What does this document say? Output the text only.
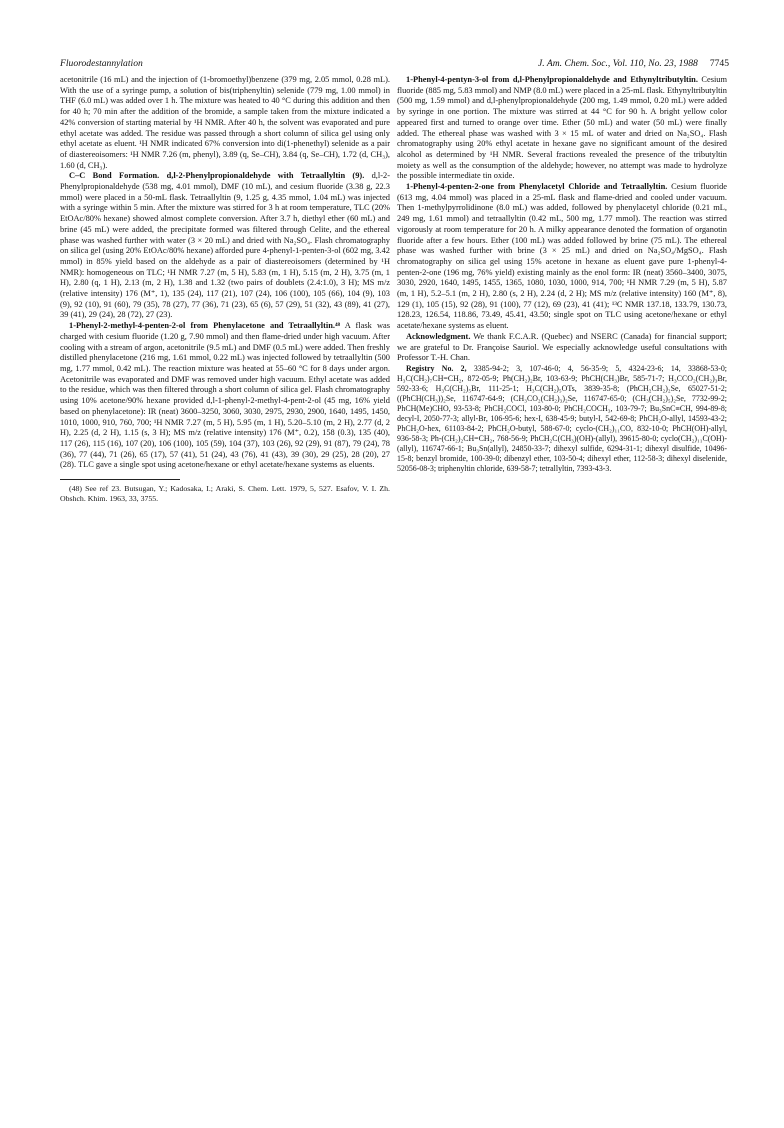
Fluorodestannylation	J. Am. Chem. Soc., Vol. 110, No. 23, 1988 7745

acetonitrile (16 mL) and the injection of (1-bromoethyl)benzene (379 mg, 2.05 mmol, 0.28 mL). With the use of a syringe pump, a solution of bis(triphenyltin) selenide (779 mg, 1.00 mmol) in THF (6.0 mL) was added over 1 h. The mixture was heated to 40 °C during this addition and then for 40 h; 70 min after the addition of the bromide, a sample taken from the mixture indicated a 42% conversion of starting material by ¹H NMR. After 40 h, the solvent was evaporated and pure ethyl acetate was added. The residue was passed through a short column of silica gel using only ethyl acetate as eluent. ¹H NMR indicated 67% conversion into di(1-phenethyl) selenide as a pair of diastereoisomers: ¹H NMR 7.26 (m, phenyl), 3.89 (q, Se–CH), 3.84 (q, Se–CH), 1.72 (d, CH₃), 1.60 (d, CH₃).

C–C Bond Formation. d,l-2-Phenylpropionaldehyde with Tetraallyltin (9). d,l-2-Phenylpropionaldehyde (538 mg, 4.01 mmol), DMF (10 mL), and cesium fluoride (3.38 g, 22.3 mmol) were placed in a 50-mL flask. Tetraallyltin (9, 1.25 g, 4.35 mmol, 1.04 mL) was injected with a syringe within 5 min. After the mixture was stirred for 3 h at room temperature, TLC (20% EtOAc/80% hexane) showed almost complete conversion. After 3.7 h, diethyl ether (60 mL) and brine (45 mL) were added, the precipitate formed was filtered through Celite, and the ethereal phase was washed further with water (3 × 20 mL) and dried with Na₂SO₄. Flash chromatography on silica gel (using 20% EtOAc/80% hexane) afforded pure 4-phenyl-1-penten-3-ol (602 mg, 3.42 mmol) in 85% yield based on the aldehyde as a pair of diastereoisomers (determined by ¹H NMR): homogeneous on TLC; ¹H NMR 7.27 (m, 5 H), 5.83 (m, 1 H), 5.15 (m, 2 H), 3.75 (m, 1 H), 2.80 (q, 1 H), 2.13 (m, 2 H), 1.38 and 1.32 (two pairs of doublets (2.4:1.0), 3 H); MS m/z (relative intensity) 176 (M⁺, 1), 135 (24), 117 (21), 107 (24), 106 (100), 105 (66), 104 (9), 103 (9), 92 (10), 91 (60), 79 (35), 78 (27), 77 (36), 71 (23), 65 (6), 57 (29), 51 (32), 43 (89), 41 (27), 39 (41), 29 (24), 28 (72), 27 (23).

1-Phenyl-2-methyl-4-penten-2-ol from Phenylacetone and Tetraallyltin.⁴⁸ A flask was charged with cesium fluoride (1.20 g, 7.90 mmol) and then flame-dried under high vacuum. After cooling with a stream of argon, acetonitrile (9.5 mL) and DMF (0.5 mL) were added. Then freshly distilled phenylacetone (216 mg, 1.61 mmol, 0.22 mL) was injected followed by tetraallyltin (500 mg, 1.77 mmol, 0.42 mL). The reaction mixture was heated at 55–60 °C for 8 days under argon. Acetonitrile was evaporated and DMF was removed under high vacuum. Ethyl acetate was added to the residue, which was then filtered through a short column of silica gel. Flash chromatography using 10% acetone/90% hexane provided d,l-1-phenyl-2-methyl-4-pent-2-ol (45 mg, 16% yield based on phenylacetone): IR (neat) 3600–3250, 3060, 3030, 2975, 2930, 2900, 1640, 1495, 1450, 1010, 1000, 910, 760, 700; ¹H NMR 7.27 (m, 5 H), 5.95 (m, 1 H), 5.20–5.10 (m, 2 H), 2.77 (d, 2 H), 2.25 (d, 2 H), 1.15 (s, 3 H); MS m/z (relative intensity) 176 (M⁺, 0.2), 158 (0.3), 135 (40), 117 (26), 115 (16), 107 (20), 106 (100), 105 (59), 104 (37), 103 (26), 92 (29), 91 (87), 79 (24), 78 (36), 77 (44), 71 (26), 65 (17), 57 (41), 51 (24), 43 (76), 41 (43), 39 (30), 29 (25), 28 (20), 27 (28). TLC gave a single spot using acetone/hexane or ethyl acetate/hexane systems as eluents.

(48) See ref 23. Butsugan, Y.; Kadosaka, I.; Araki, S. Chem. Lett. 1979, 5, 527. Esafov, V. I. Zh. Obshch. Khim. 1963, 33, 3755.

1-Phenyl-4-pentyn-3-ol from d,l-Phenylpropionaldehyde and Ethynyltributyltin. Cesium fluoride (885 mg, 5.83 mmol) and NMP (8.0 mL) were placed in a 25-mL flask. Ethynyltributyltin (500 mg, 1.59 mmol) and d,l-phenylpropionaldehyde (200 mg, 1.49 mmol, 0.20 mL) were added by syringe in one portion. The mixture was stirred at 44 °C for 90 h. A bright yellow color appeared first and turned to orange over time. Ether (50 mL) and water (50 mL) were finally added. The ethereal phase was washed with 3 × 15 mL of water and dried on Na₂SO₄. Flash chromatography using 20% ethyl acetate in hexane gave no significant amount of the desired alcohol as determined by ¹H NMR. Several fractions revealed the presence of the tributyltin moiety as well as the consumption of the aldehyde; however, no attempt was made to hydrolyze the possible intermediate tin oxide.

1-Phenyl-4-penten-2-one from Phenylacetyl Chloride and Tetraallyltin. Cesium fluoride (613 mg, 4.04 mmol) was placed in a 25-mL flask and flame-dried and cooled under vacuum. Then 1-methylpyrrolidinone (8.0 mL) was added, followed by phenylacetyl chloride (0.21 mL, 249 mg, 1.61 mmol) and tetraallyltin (0.42 mL, 500 mg, 1.77 mmol). The reaction was stirred vigorously at room temperature for 20 h. A milky appearance denoted the formation of organotin fluoride after a few hours. Ether (100 mL) was added followed by brine (75 mL). The ethereal phase was washed further with brine (3 × 25 mL) and dried on Na₂SO₄/MgSO₄. Flash chromatography on silica gel using 15% acetone in hexane as eluent gave pure 1-phenyl-4-penten-2-one (196 mg, 76% yield) existing mainly as the enol form: IR (neat) 3560–3400, 3075, 3030, 2920, 1640, 1495, 1455, 1365, 1080, 1030, 1000, 914, 700; ¹H NMR 7.29 (m, 5 H), 5.87 (m, 1 H), 5.2–5.1 (m, 2 H), 2.80 (s, 2 H), 2.24 (d, 2 H); MS m/z (relative intensity) 160 (M⁺, 8), 129 (1), 105 (15), 92 (28), 91 (100), 77 (12), 69 (23), 41 (41); ¹³C NMR 137.18, 133.79, 130.73, 128.23, 126.54, 118.86, 73.49, 45.41, 43.50; single spot on TLC using acetone/hexane or ethyl acetate/hexane systems as eluent.

Acknowledgment. We thank F.C.A.R. (Quebec) and NSERC (Canada) for financial support; we are grateful to Dr. Françoise Sauriol. We especially acknowledge useful consultations with Professor T.-H. Chan.

Registry No. 2, 3385-94-2; 3, 107-46-0; 4, 56-35-9; 5, 4324-23-6; 14, 33868-53-0; H₃C(CH₂)₇CH=CH₂, 872-05-9; Ph(CH₂)₂Br, 103-63-9; PhCH(CH₃)Br, 585-71-7; H₃CCO₂(CH₂)₃Br, 592-33-6; H₃C(CH₂)₅Br, 111-25-1; H₃C(CH₂)₅OTs, 3839-35-8; (PhCH₂CH₂)₂Se, 65027-51-2; ((PhCH(CH₃))₂Se, 116747-64-9; (CH₃CO₂(CH₂)₃)₂Se, 116747-65-0; (CH₃(CH₂)₅)₂Se, 7732-99-2; PhCH(Me)CHO, 93-53-8; PhCH₂COCl, 103-80-0; PhCH₂COCH₃, 103-79-7; Bu₃SnC≡CH, 994-89-8; decyl-I, 2050-77-3; allyl-Br, 106-95-6; hex-I, 638-45-9; butyl-I, 542-69-8; PhCH₂O-allyl, 14593-43-2; PhCH₂O-hex, 61103-84-2; PhCH₂O-butyl, 588-67-0; cyclo-(CH₂)₁₁CO, 832-10-0; PhCH(OH)-allyl, 936-58-3; Ph-(CH₂)₂CH=CH₂, 768-56-9; PhCH₂C(CH₃)(OH)-(allyl), 39615-80-0; cyclo(CH₂)₁₁C(OH)-(allyl), 116747-66-1; Bu₃Sn(allyl), 24850-33-7; dihexyl sulfide, 6294-31-1; dihexyl disulfide, 10496-15-8; benzyl bromide, 100-39-0; dibenzyl ether, 103-50-4; dihexyl ether, 112-58-3; dihexyl diselenide, 52056-08-3; triphenyltin chloride, 639-58-7; tetrallyltin, 7393-43-3.
